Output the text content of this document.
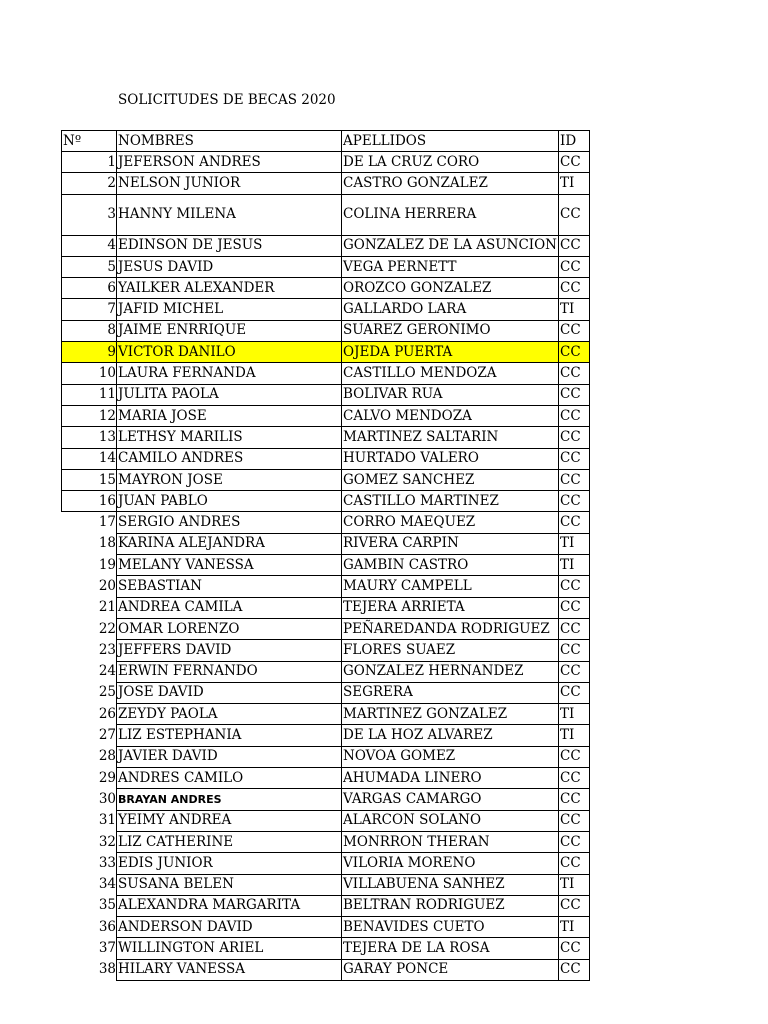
SOLICITUDES DE BECAS 2020
Nº	NOMBRES	APELLIDOS	ID
1	JEFERSON ANDRES	DE LA CRUZ CORO	CC
2	NELSON JUNIOR	CASTRO GONZALEZ	TI
3	HANNY MILENA	COLINA HERRERA	CC
4	EDINSON DE JESUS	GONZALEZ DE LA ASUNCION	CC
5	JESUS DAVID	VEGA PERNETT	CC
6	YAILKER ALEXANDER	OROZCO GONZALEZ	CC
7	JAFID MICHEL	GALLARDO LARA	TI
8	JAIME ENRRIQUE	SUAREZ GERONIMO	CC
9	VICTOR DANILO	OJEDA PUERTA	CC
10	LAURA FERNANDA	CASTILLO MENDOZA	CC
11	JULITA PAOLA	BOLIVAR RUA	CC
12	MARIA JOSE	CALVO MENDOZA	CC
13	LETHSY MARILIS	MARTINEZ SALTARIN	CC
14	CAMILO ANDRES	HURTADO VALERO	CC
15	MAYRON JOSE	GOMEZ SANCHEZ	CC
16	JUAN PABLO	CASTILLO MARTINEZ	CC
17	SERGIO ANDRES	CORRO MAEQUEZ	CC
18	KARINA ALEJANDRA	RIVERA CARPIN	TI
19	MELANY VANESSA	GAMBIN CASTRO	TI
20	SEBASTIAN	MAURY CAMPELL	CC
21	ANDREA CAMILA	TEJERA ARRIETA	CC
22	OMAR LORENZO	PEÑAREDANDA RODRIGUEZ	CC
23	JEFFERS DAVID	FLORES SUAEZ	CC
24	ERWIN FERNANDO	GONZALEZ HERNANDEZ	CC
25	JOSE DAVID	SEGRERA	CC
26	ZEYDY PAOLA	MARTINEZ GONZALEZ	TI
27	LIZ ESTEPHANIA	DE LA HOZ ALVAREZ	TI
28	JAVIER DAVID	NOVOA GOMEZ	CC
29	ANDRES CAMILO	AHUMADA LINERO	CC
30	BRAYAN ANDRES	VARGAS CAMARGO	CC
31	YEIMY ANDREA	ALARCON SOLANO	CC
32	LIZ CATHERINE	MONRRON THERAN	CC
33	EDIS JUNIOR	VILORIA MORENO	CC
34	SUSANA BELEN	VILLABUENA SANHEZ	TI
35	ALEXANDRA MARGARITA	BELTRAN RODRIGUEZ	CC
36	ANDERSON DAVID	BENAVIDES CUETO	TI
37	WILLINGTON ARIEL	TEJERA DE LA ROSA	CC
38	HILARY VANESSA	GARAY PONCE	CC
